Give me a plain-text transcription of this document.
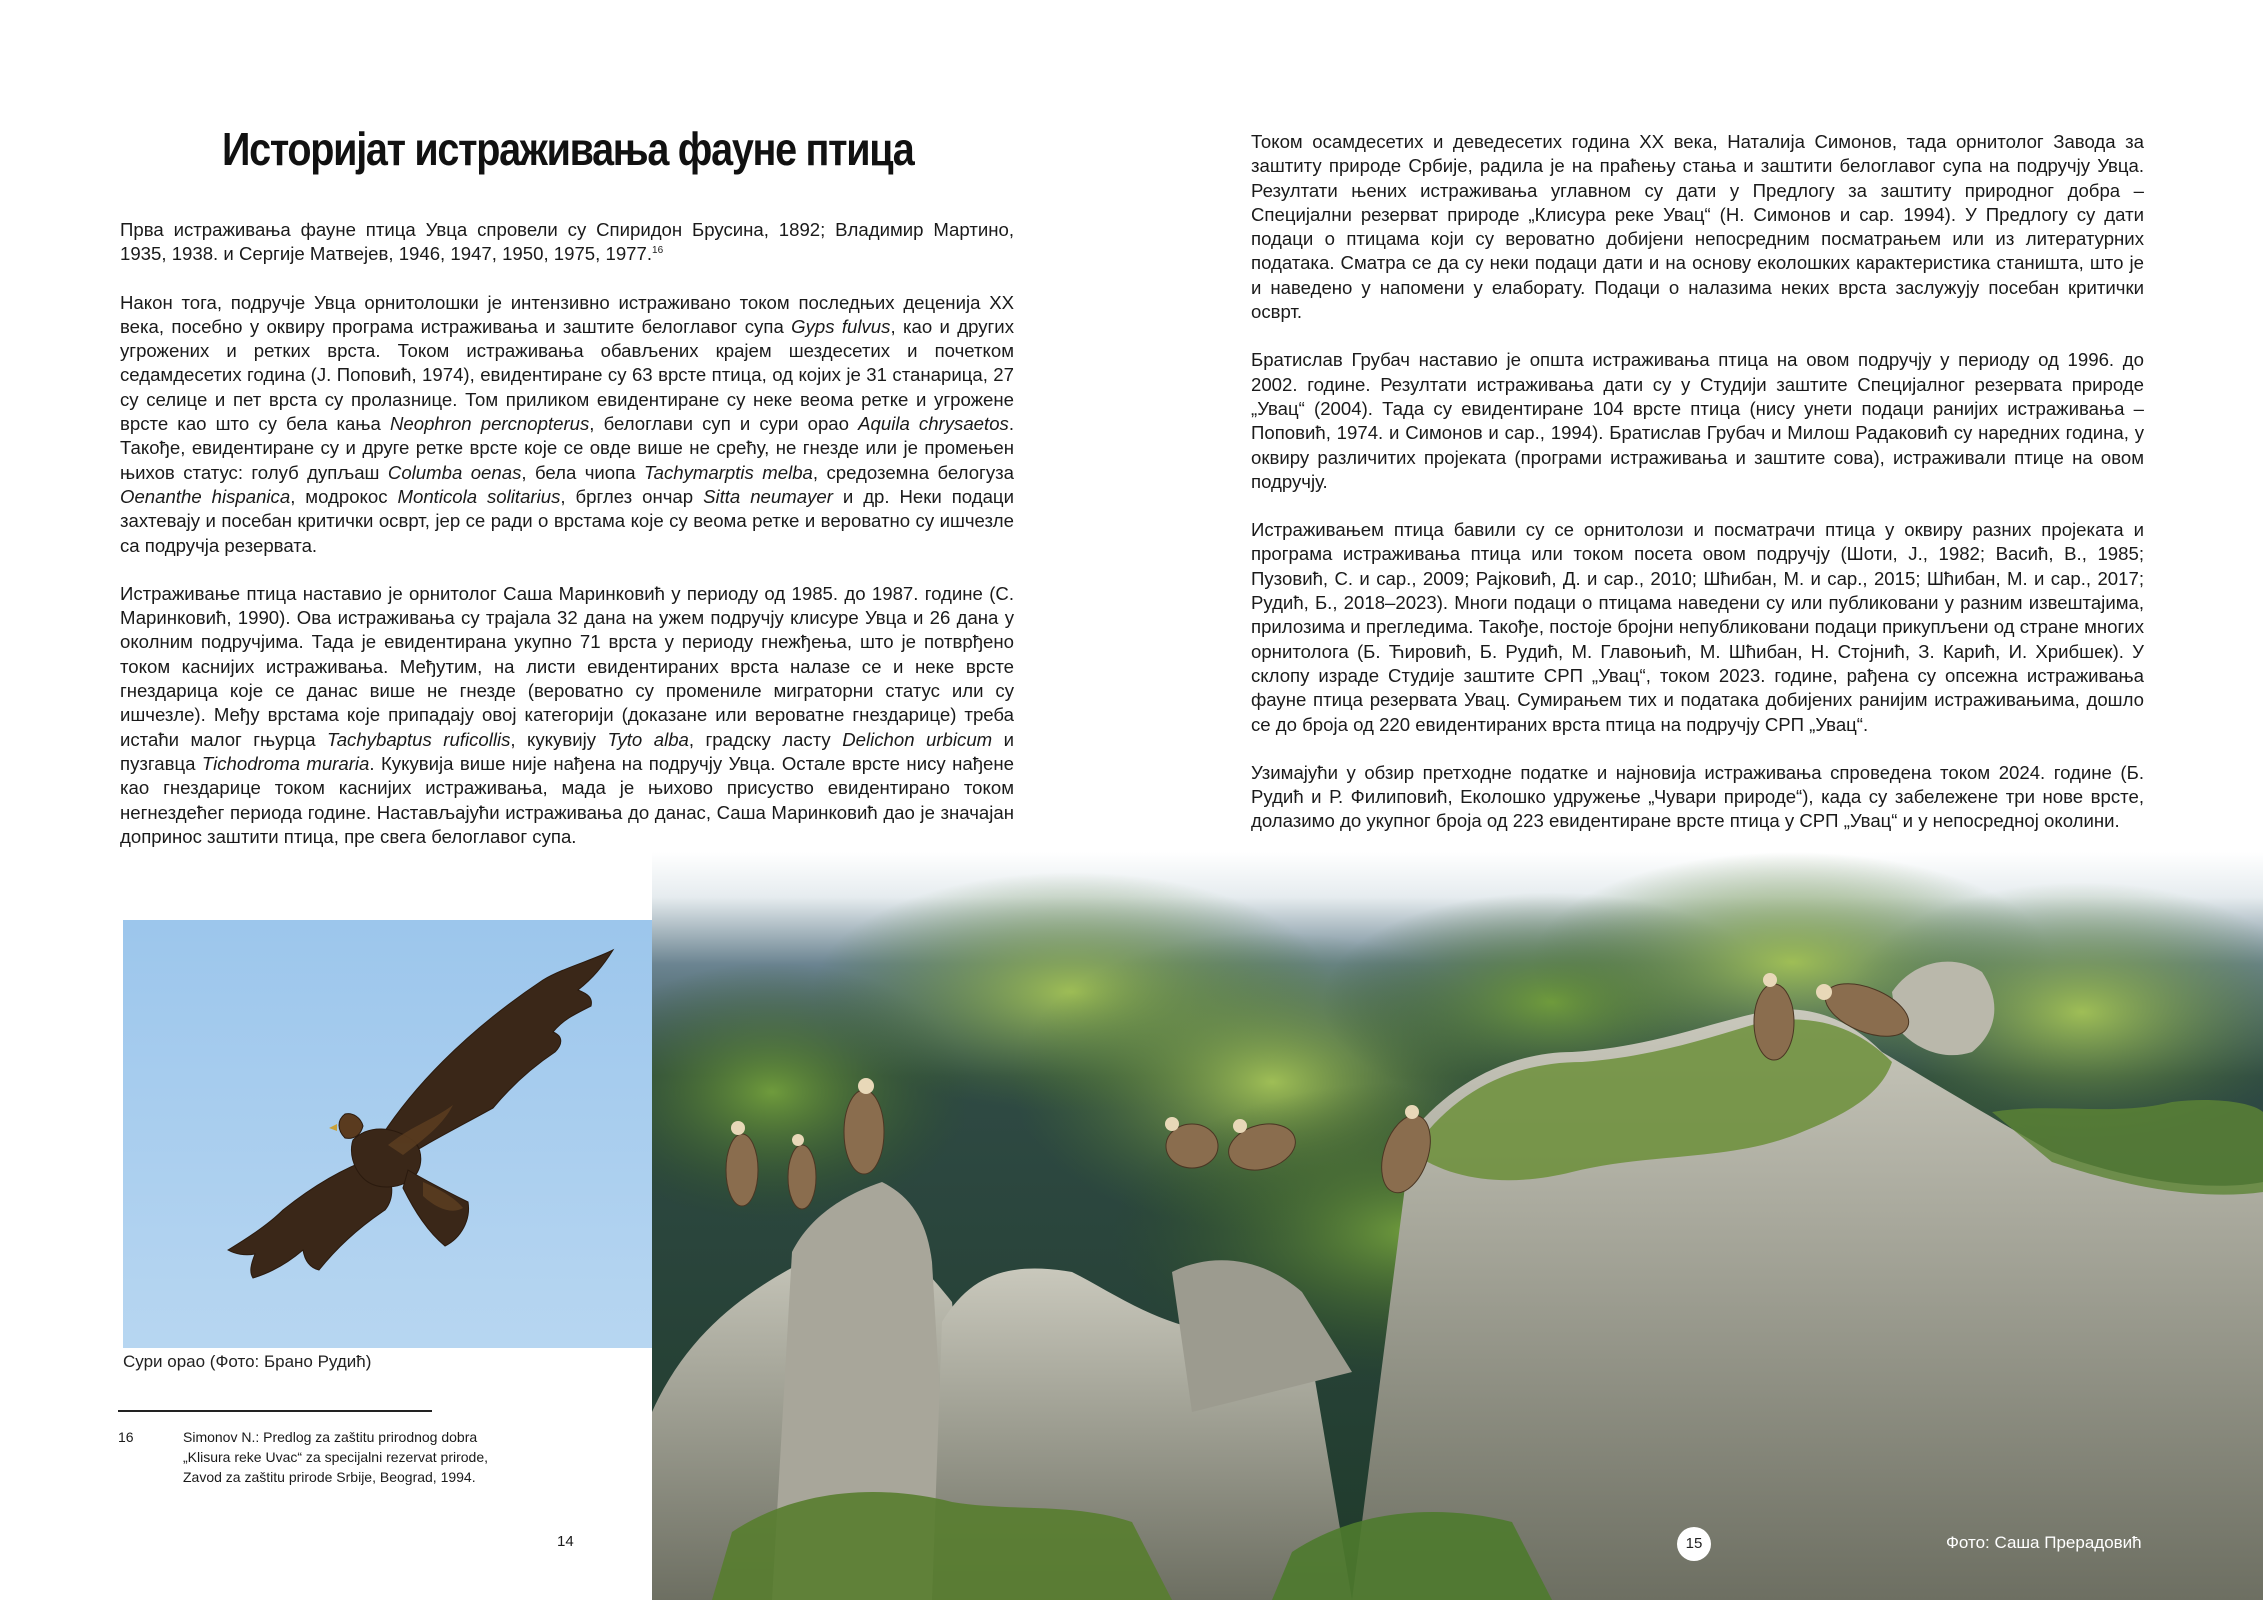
Историјат истраживања фауне птица

Прва истраживања фауне птица Увца спровели су Спиридон Брусина, 1892; Владимир Мартино, 1935, 1938. и Сергије Матвејев, 1946, 1947, 1950, 1975, 1977.16

Након тога, подручје Увца орнитолошки је интензивно истраживано током последњих деценија XX века, посебно у оквиру програма истраживања и заштите белоглавог супа Gyps fulvus, као и других угрожених и ретких врста. Током истраживања обављених крајем шездесетих и почетком седамдесетих година (Ј. Поповић, 1974), евидентиране су 63 врсте птица, од којих је 31 станарица, 27 су селице и пет врста су пролазнице. Том приликом евидентиране су неке веома ретке и угрожене врсте као што су бела кања Neophron percnopterus, белоглави суп и сури орао Aquila chrysaetos. Такође, евидентиране су и друге ретке врсте које се овде више не срећу, не гнезде или је промењен њихов статус: голуб дупљаш Columba oenas, бела чиопа Tachymarptis melba, средоземна белогуза Oenanthe hispanica, модрокос Monticola solitarius, брглез ончар Sitta neumayer и др. Неки подаци захтевају и посебан критички осврт, јер се ради о врстама које су веома ретке и вероватно су ишчезле са подручја резервата.

Истраживање птица наставио је орнитолог Саша Маринковић у периоду од 1985. до 1987. године (С. Маринковић, 1990). Ова истраживања су трајала 32 дана на ужем подручју клисуре Увца и 26 дана у околним подручјима. Тада је евидентирана укупно 71 врста у периоду гнежђења, што је потврђено током каснијих истраживања. Међутим, на листи евидентираних врста налазе се и неке врсте гнездарица које се данас више не гнезде (вероватно су промениле миграторни статус или су ишчезле). Међу врстама које припадају овој категорији (доказане или вероватне гнездарице) треба истаћи малог гњурца Tachybaptus ruficollis, кукувију Tyto alba, градску ласту Delichon urbicum и пузгавца Tichodroma muraria. Кукувија више није нађена на подручју Увца. Остале врсте нису нађене као гнездарице током каснијих истраживања, мада је њихово присуство евидентирано током негнездећег периода године. Настављајући истраживања до данас, Саша Маринковић дао је значајан допринос заштити птица, пре свега белоглавог супа.

Сури орао (Фото: Брано Рудић)
16	Simonov N.: Predlog za zaštitu prirodnog dobra „Klisura reke Uvac“ za specijalni rezervat prirode, Zavod za zaštitu prirode Srbije, Beograd, 1994.
14

Током осамдесетих и деведесетих година XX века, Наталија Симонов, тада орнитолог Завода за заштиту природе Србије, радила је на праћењу стања и заштити белоглавог супа на подручју Увца. Резултати њених истраживања углавном су дати у Предлогу за заштиту природног добра – Специјални резерват природе „Клисура реке Увац“ (Н. Симонов и сар. 1994). У Предлогу су дати подаци о птицама који су вероватно добијени непосредним посматрањем или из литературних података. Сматра се да су неки подаци дати и на основу еколошких карактеристика станишта, што је и наведено у напомени у елаборату. Подаци о налазима неких врста заслужују посебан критички осврт.

Братислав Грубач наставио је општа истраживања птица на овом подручју у периоду од 1996. до 2002. године. Резултати истраживања дати су у Студији заштите Специјалног резервата природе „Увац“ (2004). Тада су евидентиране 104 врсте птица (нису унети подаци ранијих истраживања – Поповић, 1974. и Симонов и сар., 1994). Братислав Грубач и Милош Радаковић су наредних година, у оквиру различитих пројеката (програми истраживања и заштите сова), истраживали птице на овом подручју.

Истраживањем птица бавили су се орнитолози и посматрачи птица у оквиру разних пројеката и програма истраживања птица или током посета овом подручју (Шоти, Ј., 1982; Васић, В., 1985; Пузовић, С. и сар., 2009; Рајковић, Д. и сар., 2010; Шћибан, М. и сар., 2015; Шћибан, М. и сар., 2017; Рудић, Б., 2018–2023). Многи подаци о птицама наведени су или публиковани у разним извештајима, прилозима и прегледима. Такође, постоје бројни непубликовани подаци прикупљени од стране многих орнитолога (Б. Ћировић, Б. Рудић, М. Главоњић, М. Шћибан, Н. Стојнић, З. Карић, И. Хрибшек). У склопу израде Студије заштите СРП „Увац“, током 2023. године, рађена су опсежна истраживања фауне птица резервата Увац. Сумирањем тих и података добијених ранијим истраживањима, дошло се до броја од 220 евидентираних врста птица на подручју СРП „Увац“.

Узимајући у обзир претходне податке и најновија истраживања спроведена током 2024. године (Б. Рудић и Р. Филиповић, Еколошко удружење „Чувари природе“), када су забележене три нове врсте, долазимо до укупног броја од 223 евидентиране врсте птица у СРП „Увац“ и у непосредној околини.

15	Фото: Саша Прерадовић
